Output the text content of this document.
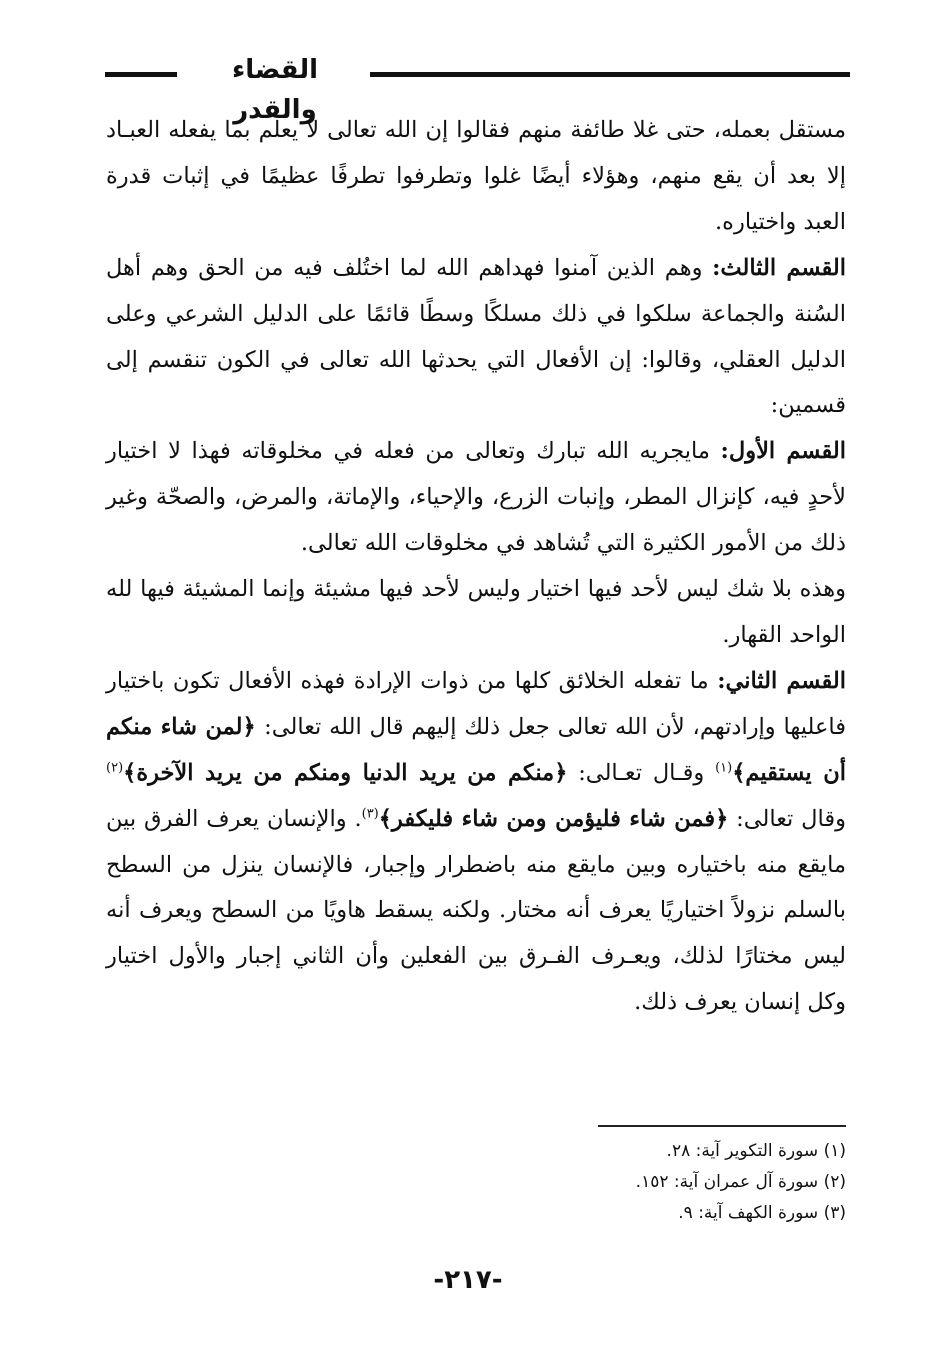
القضاء والقدر

مستقل بعمله، حتى غلا طائفة منهم فقالوا إن الله تعالى لا يعلم بما يفعله العبـاد إلا بعد أن يقع منهم، وهؤلاء أيضًا غلوا وتطرفوا تطرفًا عظيمًا في إثبات قدرة العبد واختياره.

القسم الثالث: وهم الذين آمنوا فهداهم الله لما اختُلف فيه من الحق وهم أهل السُنة والجماعة سلكوا في ذلك مسلكًا وسطًا قائمًا على الدليل الشرعي وعلى الدليل العقلي، وقالوا: إن الأفعال التي يحدثها الله تعالى في الكون تنقسم إلى قسمين:

القسم الأول: مايجريه الله تبارك وتعالى من فعله في مخلوقاته فهذا لا اختيار لأحدٍ فيه، كإنزال المطر، وإنبات الزرع، والإحياء، والإماتة، والمرض، والصحّة وغير ذلك من الأمور الكثيرة التي تُشاهد في مخلوقات الله تعالى.

وهذه بلا شك ليس لأحد فيها اختيار وليس لأحد فيها مشيئة وإنما المشيئة فيها لله الواحد القهار.

القسم الثاني: ما تفعله الخلائق كلها من ذوات الإرادة فهذه الأفعال تكون باختيار فاعليها وإرادتهم، لأن الله تعالى جعل ذلك إليهم قال الله تعالى: ﴿لمن شاء منكم أن يستقيم﴾$^{(١)}$ وقـال تعـالى: ﴿منكم من يريد الدنيا ومنكم من يريد الآخرة﴾$^{(٢)}$ وقال تعالى: ﴿فمن شاء فليؤمن ومن شاء فليكفر﴾$^{(٣)}$. والإنسان يعرف الفرق بين مايقع منه باختياره وبين مايقع منه باضطرار وإجبار، فالإنسان ينزل من السطح بالسلم نزولاً اختياريًا يعرف أنه مختار. ولكنه يسقط هاويًا من السطح ويعرف أنه ليس مختارًا لذلك، ويعـرف الفـرق بين الفعلين وأن الثاني إجبار والأول اختيار وكل إنسان يعرف ذلك.

(١) سورة التكوير آية: ٢٨.

(٢) سورة آل عمران آية: ١٥٢.

(٣) سورة الكهف آية: ٩.

-٢١٧-
